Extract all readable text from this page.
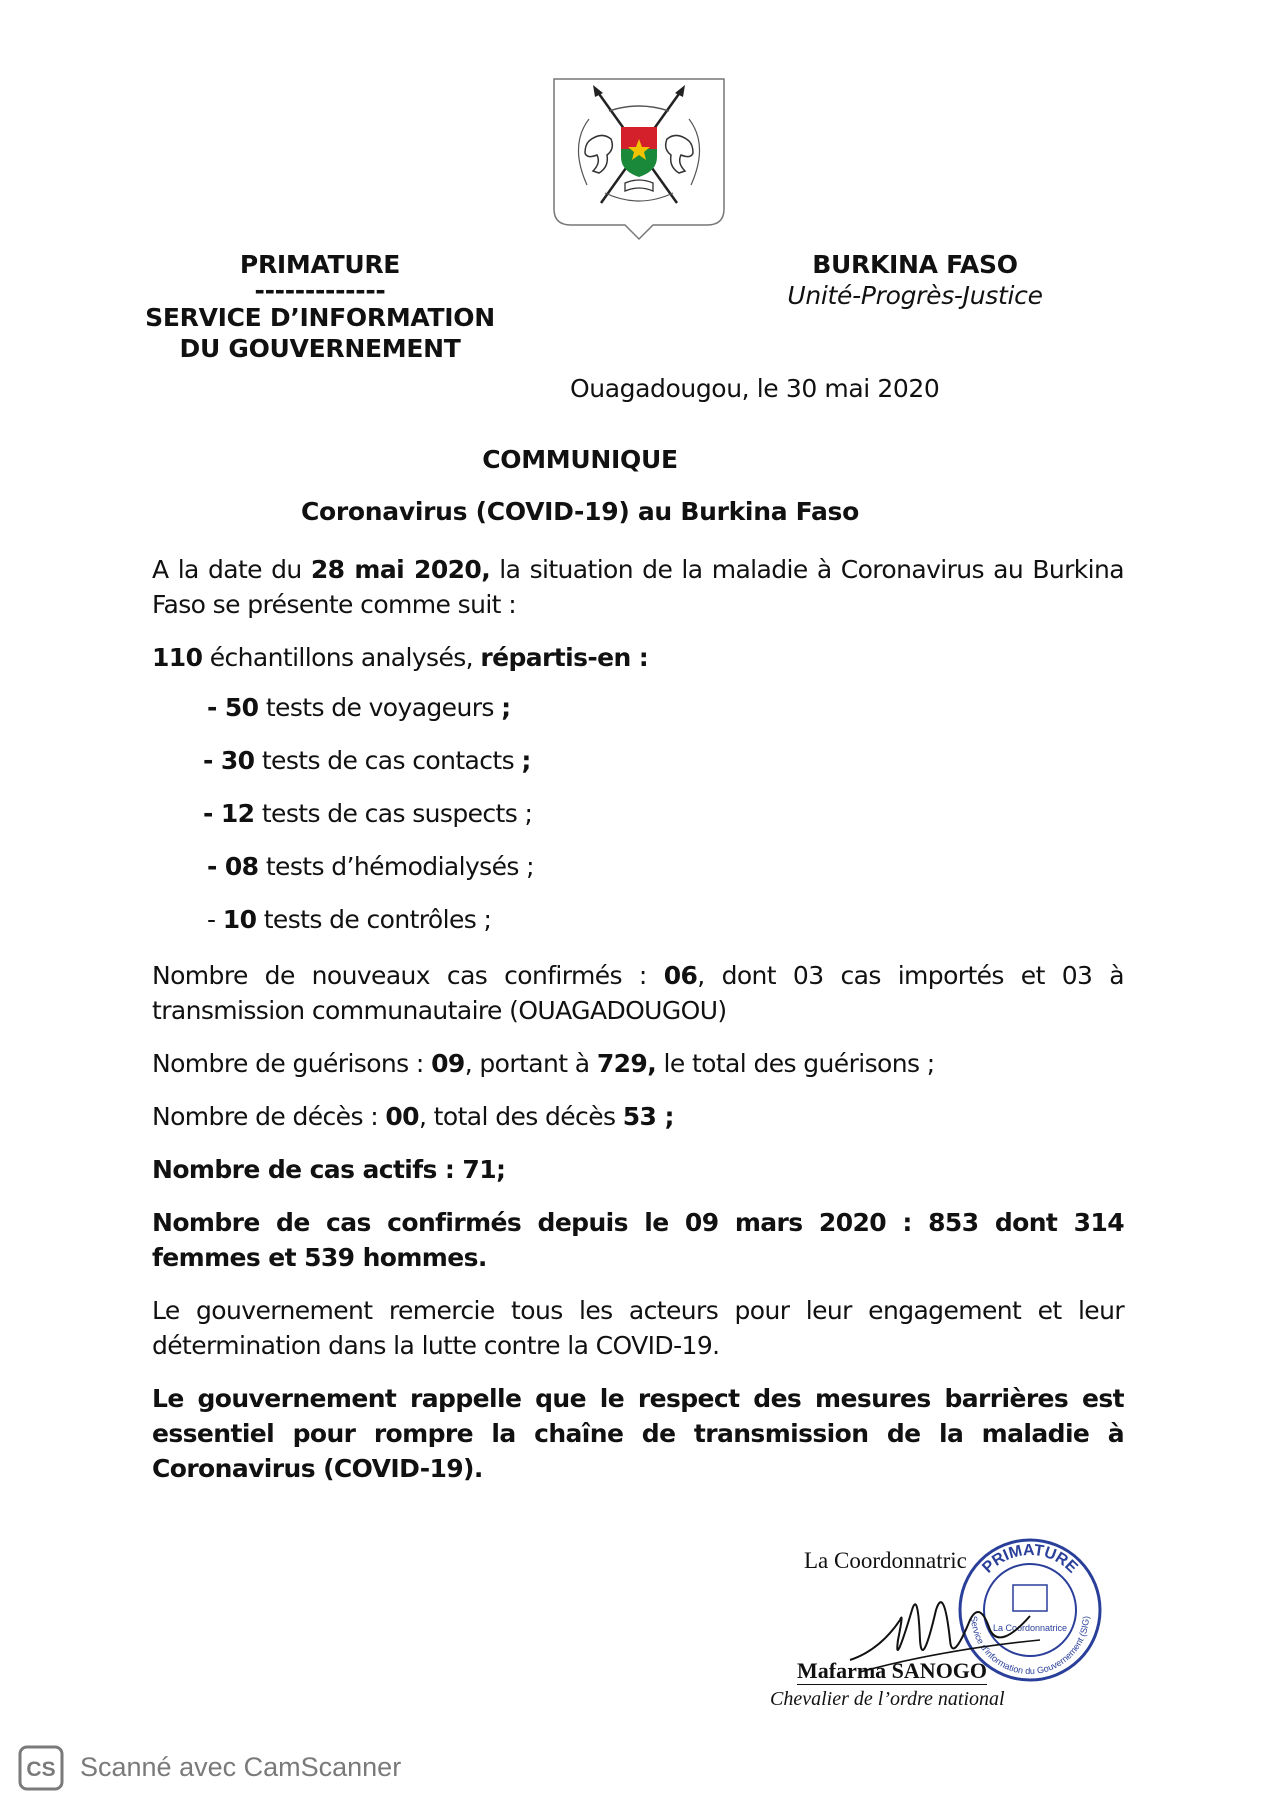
PRIMATURE
-------------
SERVICE D’INFORMATION
DU GOUVERNEMENT
BURKINA FASO
Unité-Progrès-Justice
Ouagadougou, le 30 mai 2020
COMMUNIQUE
Coronavirus (COVID-19) au Burkina Faso
A la date du 28 mai 2020, la situation de la maladie à Coronavirus au Burkina Faso se présente comme suit :
110 échantillons analysés, répartis-en :
- 50 tests de voyageurs ;
- 30 tests de cas contacts ;
- 12 tests de cas suspects ;
- 08 tests d’hémodialysés ;
- 10 tests de contrôles ;
Nombre de nouveaux cas confirmés : 06, dont 03 cas importés et 03 à transmission communautaire (OUAGADOUGOU)
Nombre de guérisons : 09, portant à 729, le total des guérisons ;
Nombre de décès : 00, total des décès 53 ;
Nombre de cas actifs : 71;
Nombre de cas confirmés depuis le 09 mars 2020 : 853 dont 314 femmes et 539 hommes.
Le gouvernement remercie tous les acteurs pour leur engagement et leur détermination dans la lutte contre la COVID-19.
Le gouvernement rappelle que le respect des mesures barrières est essentiel pour rompre la chaîne de transmission de la maladie à Coronavirus (COVID-19).
La Coordonnatric PRIMATURE
Service d'information du Gouvernement (SIG)
La Coordonnatrice
Mafarma SANOGO
Chevalier de l’ordre national
CS Scanné avec CamScanner
